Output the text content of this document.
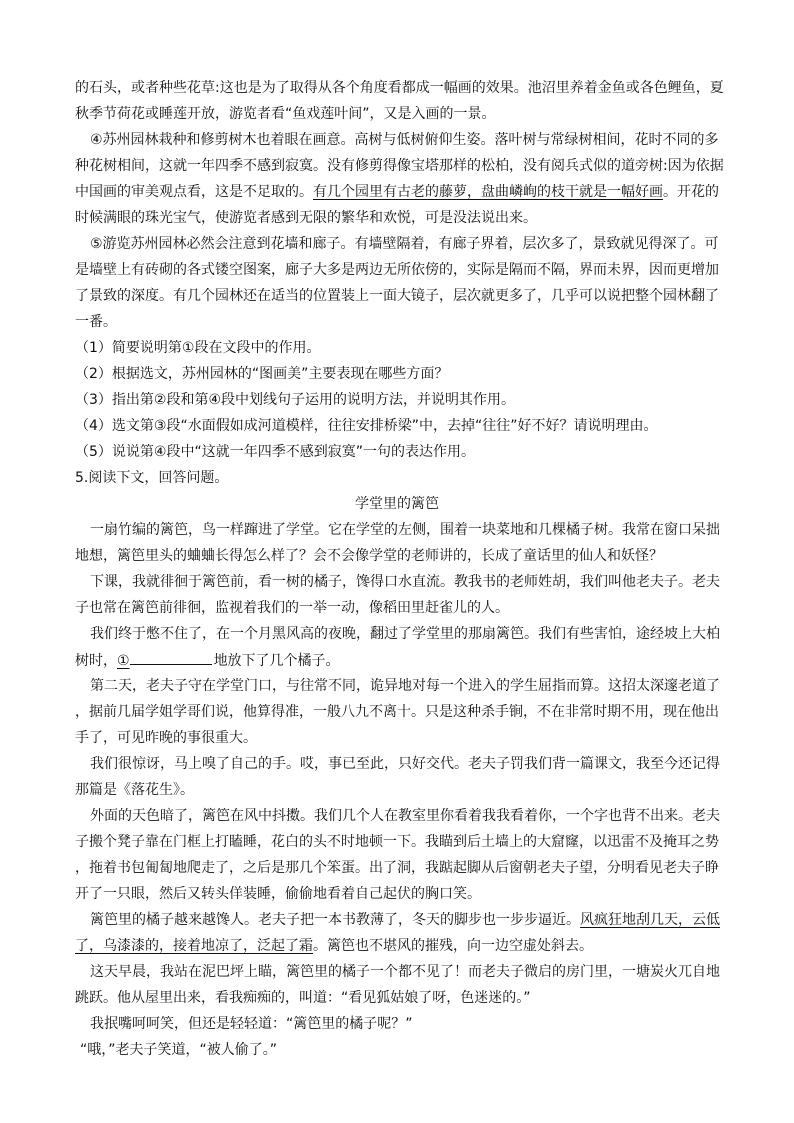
的石头，或者种些花草:这也是为了取得从各个角度看都成一幅画的效果。池沼里养着金鱼或各色鲤鱼，夏
秋季节荷花或睡莲开放，游览者看“鱼戏莲叶间”，又是入画的一景。
④苏州园林栽种和修剪树木也着眼在画意。高树与低树俯仰生姿。落叶树与常绿树相间，花时不同的多
种花树相间，这就一年四季不感到寂寞。没有修剪得像宝塔那样的松柏，没有阅兵式似的道旁树:因为依据
中国画的审美观点看，这是不足取的。有几个园里有古老的藤萝，盘曲嶙峋的枝干就是一幅好画。开花的
时候满眼的珠光宝气，使游览者感到无限的繁华和欢悦，可是没法说出来。
⑤游览苏州园林必然会注意到花墙和廊子。有墙壁隔着，有廊子界着，层次多了，景致就见得深了。可
是墙壁上有砖砌的各式镂空图案，廊子大多是两边无所依傍的，实际是隔而不隔，界而未界，因而更增加
了景致的深度。有几个园林还在适当的位置装上一面大镜子，层次就更多了，几乎可以说把整个园林翻了
一番。
（1）简要说明第①段在文段中的作用。
（2）根据选文，苏州园林的“图画美”主要表现在哪些方面？
（3）指出第②段和第④段中划线句子运用的说明方法，并说明其作用。
（4）选文第③段“水面假如成河道模样，往往安排桥梁”中，去掉“往往”好不好？请说明理由。
（5）说说第④段中“这就一年四季不感到寂寞”一句的表达作用。
5.阅读下文，回答问题。
学堂里的篱笆
一扇竹编的篱笆，鸟一样蹿进了学堂。它在学堂的左侧，围着一块菜地和几棵橘子树。我常在窗口呆拙
地想，篱笆里头的蛐蛐长得怎么样了？会不会像学堂的老师讲的，长成了童话里的仙人和妖怪？
下课，我就徘徊于篱笆前，看一树的橘子，馋得口水直流。教我书的老师姓胡，我们叫他老夫子。老夫
子也常在篱笆前徘徊，监视着我们的一举一动，像稻田里赶雀儿的人。
我们终于憋不住了，在一个月黑风高的夜晚，翻过了学堂里的那扇篱笆。我们有些害怕，途经坡上大柏
树时，①	地放下了几个橘子。
第二天，老夫子守在学堂门口，与往常不同，诡异地对每一个进入的学生屈指而算。这招太深邃老道了
，据前几届学姐学哥们说，他算得准，一般八九不离十。只是这种杀手锏，不在非常时期不用，现在他出
手了，可见昨晚的事很重大。
我们很惊讶，马上嗅了自己的手。哎，事已至此，只好交代。老夫子罚我们背一篇课文，我至今还记得
那篇是《落花生》。
外面的天色暗了，篱笆在风中抖擞。我们几个人在教室里你看着我我看着你，一个字也背不出来。老夫
子搬个凳子靠在门框上打瞌睡，花白的头不时地顿一下。我瞄到后土墙上的大窟窿，以迅雷不及掩耳之势
，拖着书包匍匐地爬走了，之后是那几个笨蛋。出了洞，我踮起脚从后窗朝老夫子望，分明看见老夫子睁
开了一只眼，然后又转头佯装睡，偷偷地看着自己起伏的胸口笑。
篱笆里的橘子越来越馋人。老夫子把一本书教薄了，冬天的脚步也一步步逼近。风疯狂地刮几天，云低
了，乌漆漆的，接着地凉了，泛起了霜。篱笆也不堪风的摧残，向一边空虚处斜去。
这天早晨，我站在泥巴坪上瞄，篱笆里的橘子一个都不见了！而老夫子微启的房门里，一塘炭火兀自地
跳跃。他从屋里出来，看我痴痴的，叫道：“看见狐姑娘了呀，色迷迷的。”
我抿嘴呵呵笑，但还是轻轻道：“篱笆里的橘子呢？”
“哦，”老夫子笑道，“被人偷了。”
